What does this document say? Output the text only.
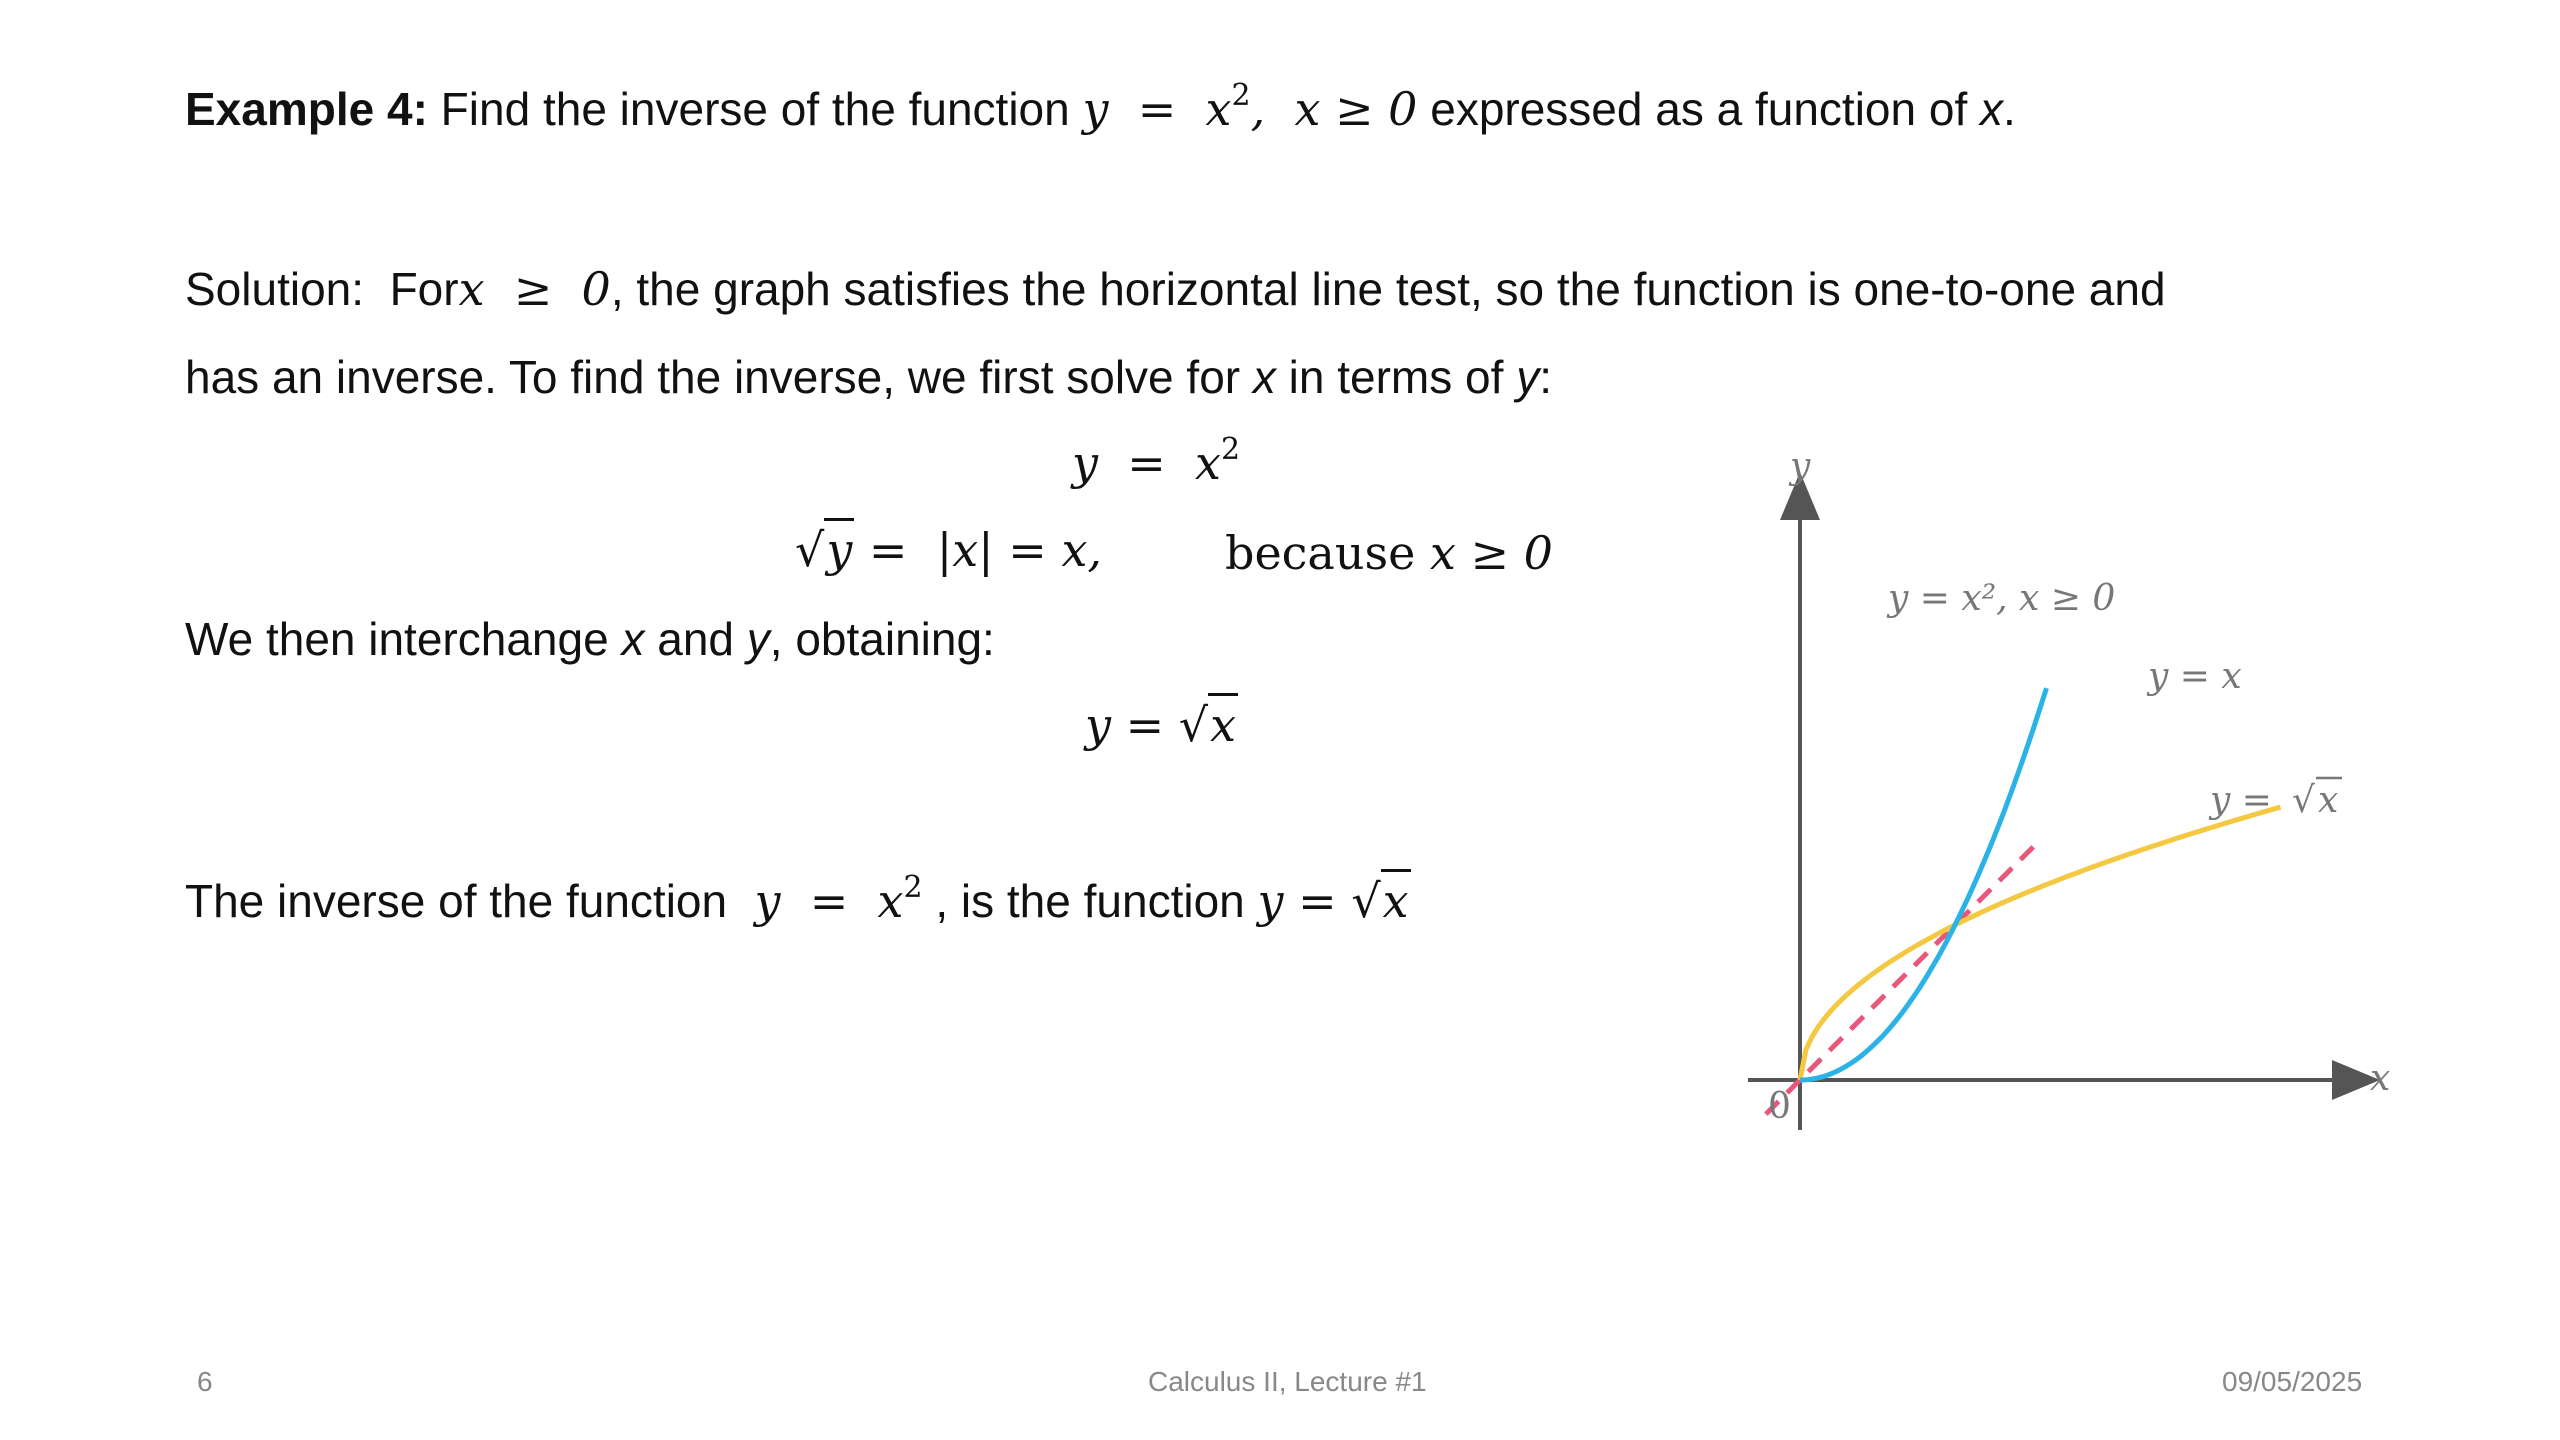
Example 4: Find the inverse of the function $y = x^2$,  x ≥ 0 expressed as a function of x.
Solution:  Forx  ≥  0, the graph satisfies the horizontal line test, so the function is one-to-one and
has an inverse. To find the inverse, we first solve for x in terms of y:
$y = x^2$
√y =  |x| = x,	because x ≥ 0
We then interchange x and y, obtaining:
y = √x
The inverse of the function  $y = x^2$ , is the function y = √x
y
x
0
y = x², x ≥ 0
y = x
y = √ x
6	Calculus II, Lecture #1	09/05/2025
